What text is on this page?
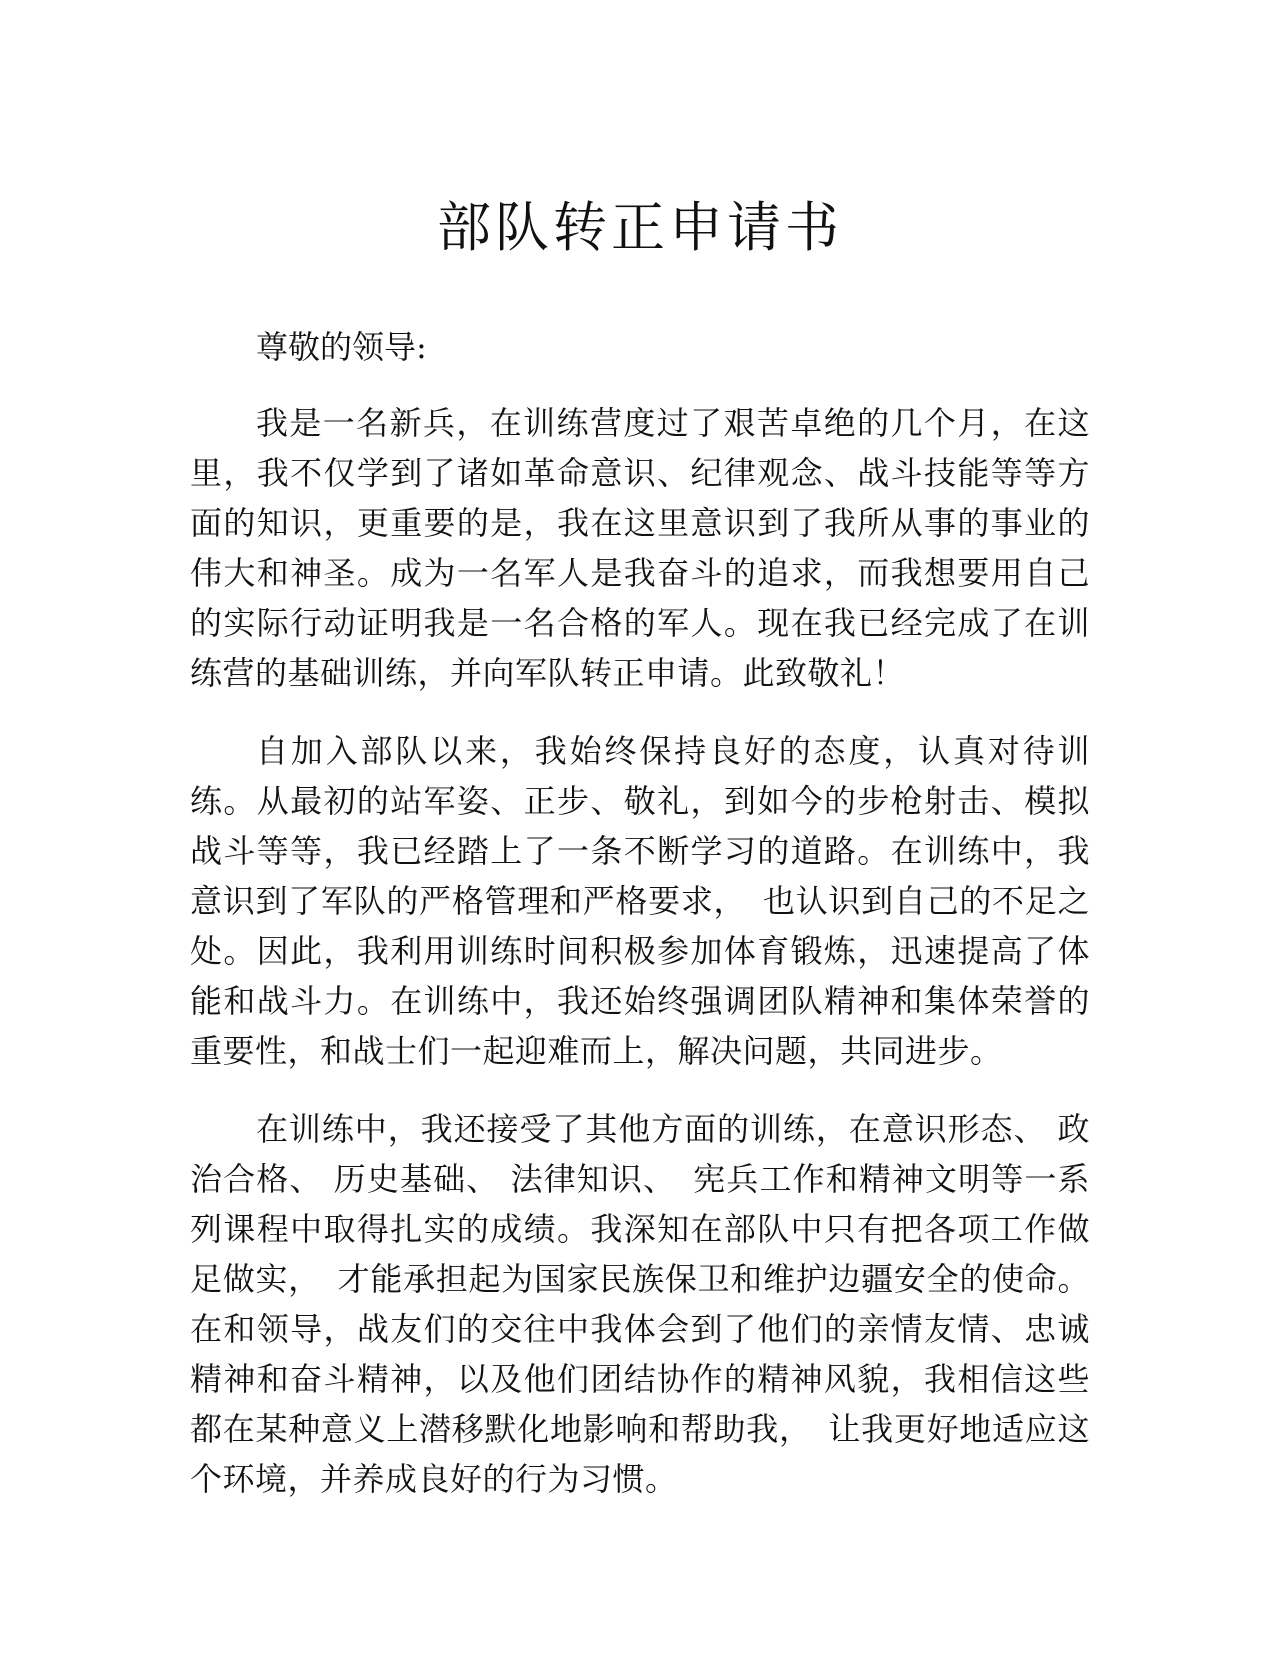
部队转正申请书

尊敬的领导:

我是一名新兵，在训练营度过了艰苦卓绝的几个月，在这里，我不仅学到了诸如革命意识、纪律观念、战斗技能等等方面的知识，更重要的是，我在这里意识到了我所从事的事业的伟大和神圣。成为一名军人是我奋斗的追求，而我想要用自己的实际行动证明我是一名合格的军人。现在我已经完成了在训练营的基础训练，并向军队转正申请。此致敬礼！

自加入部队以来，我始终保持良好的态度，认真对待训练。从最初的站军姿、正步、敬礼，到如今的步枪射击、模拟战斗等等，我已经踏上了一条不断学习的道路。在训练中，我意识到了军队的严格管理和严格要求，　也认识到自己的不足之处。因此，我利用训练时间积极参加体育锻炼，迅速提高了体能和战斗力。在训练中，我还始终强调团队精神和集体荣誉的重要性，和战士们一起迎难而上，解决问题，共同进步。

在训练中，我还接受了其他方面的训练，在意识形态、 政治合格、 历史基础、 法律知识、　宪兵工作和精神文明等一系列课程中取得扎实的成绩。我深知在部队中只有把各项工作做足做实，　才能承担起为国家民族保卫和维护边疆安全的使命。在和领导，战友们的交往中我体会到了他们的亲情友情、忠诚精神和奋斗精神，以及他们团结协作的精神风貌，我相信这些都在某种意义上潜移默化地影响和帮助我，　让我更好地适应这个环境，并养成良好的行为习惯。
